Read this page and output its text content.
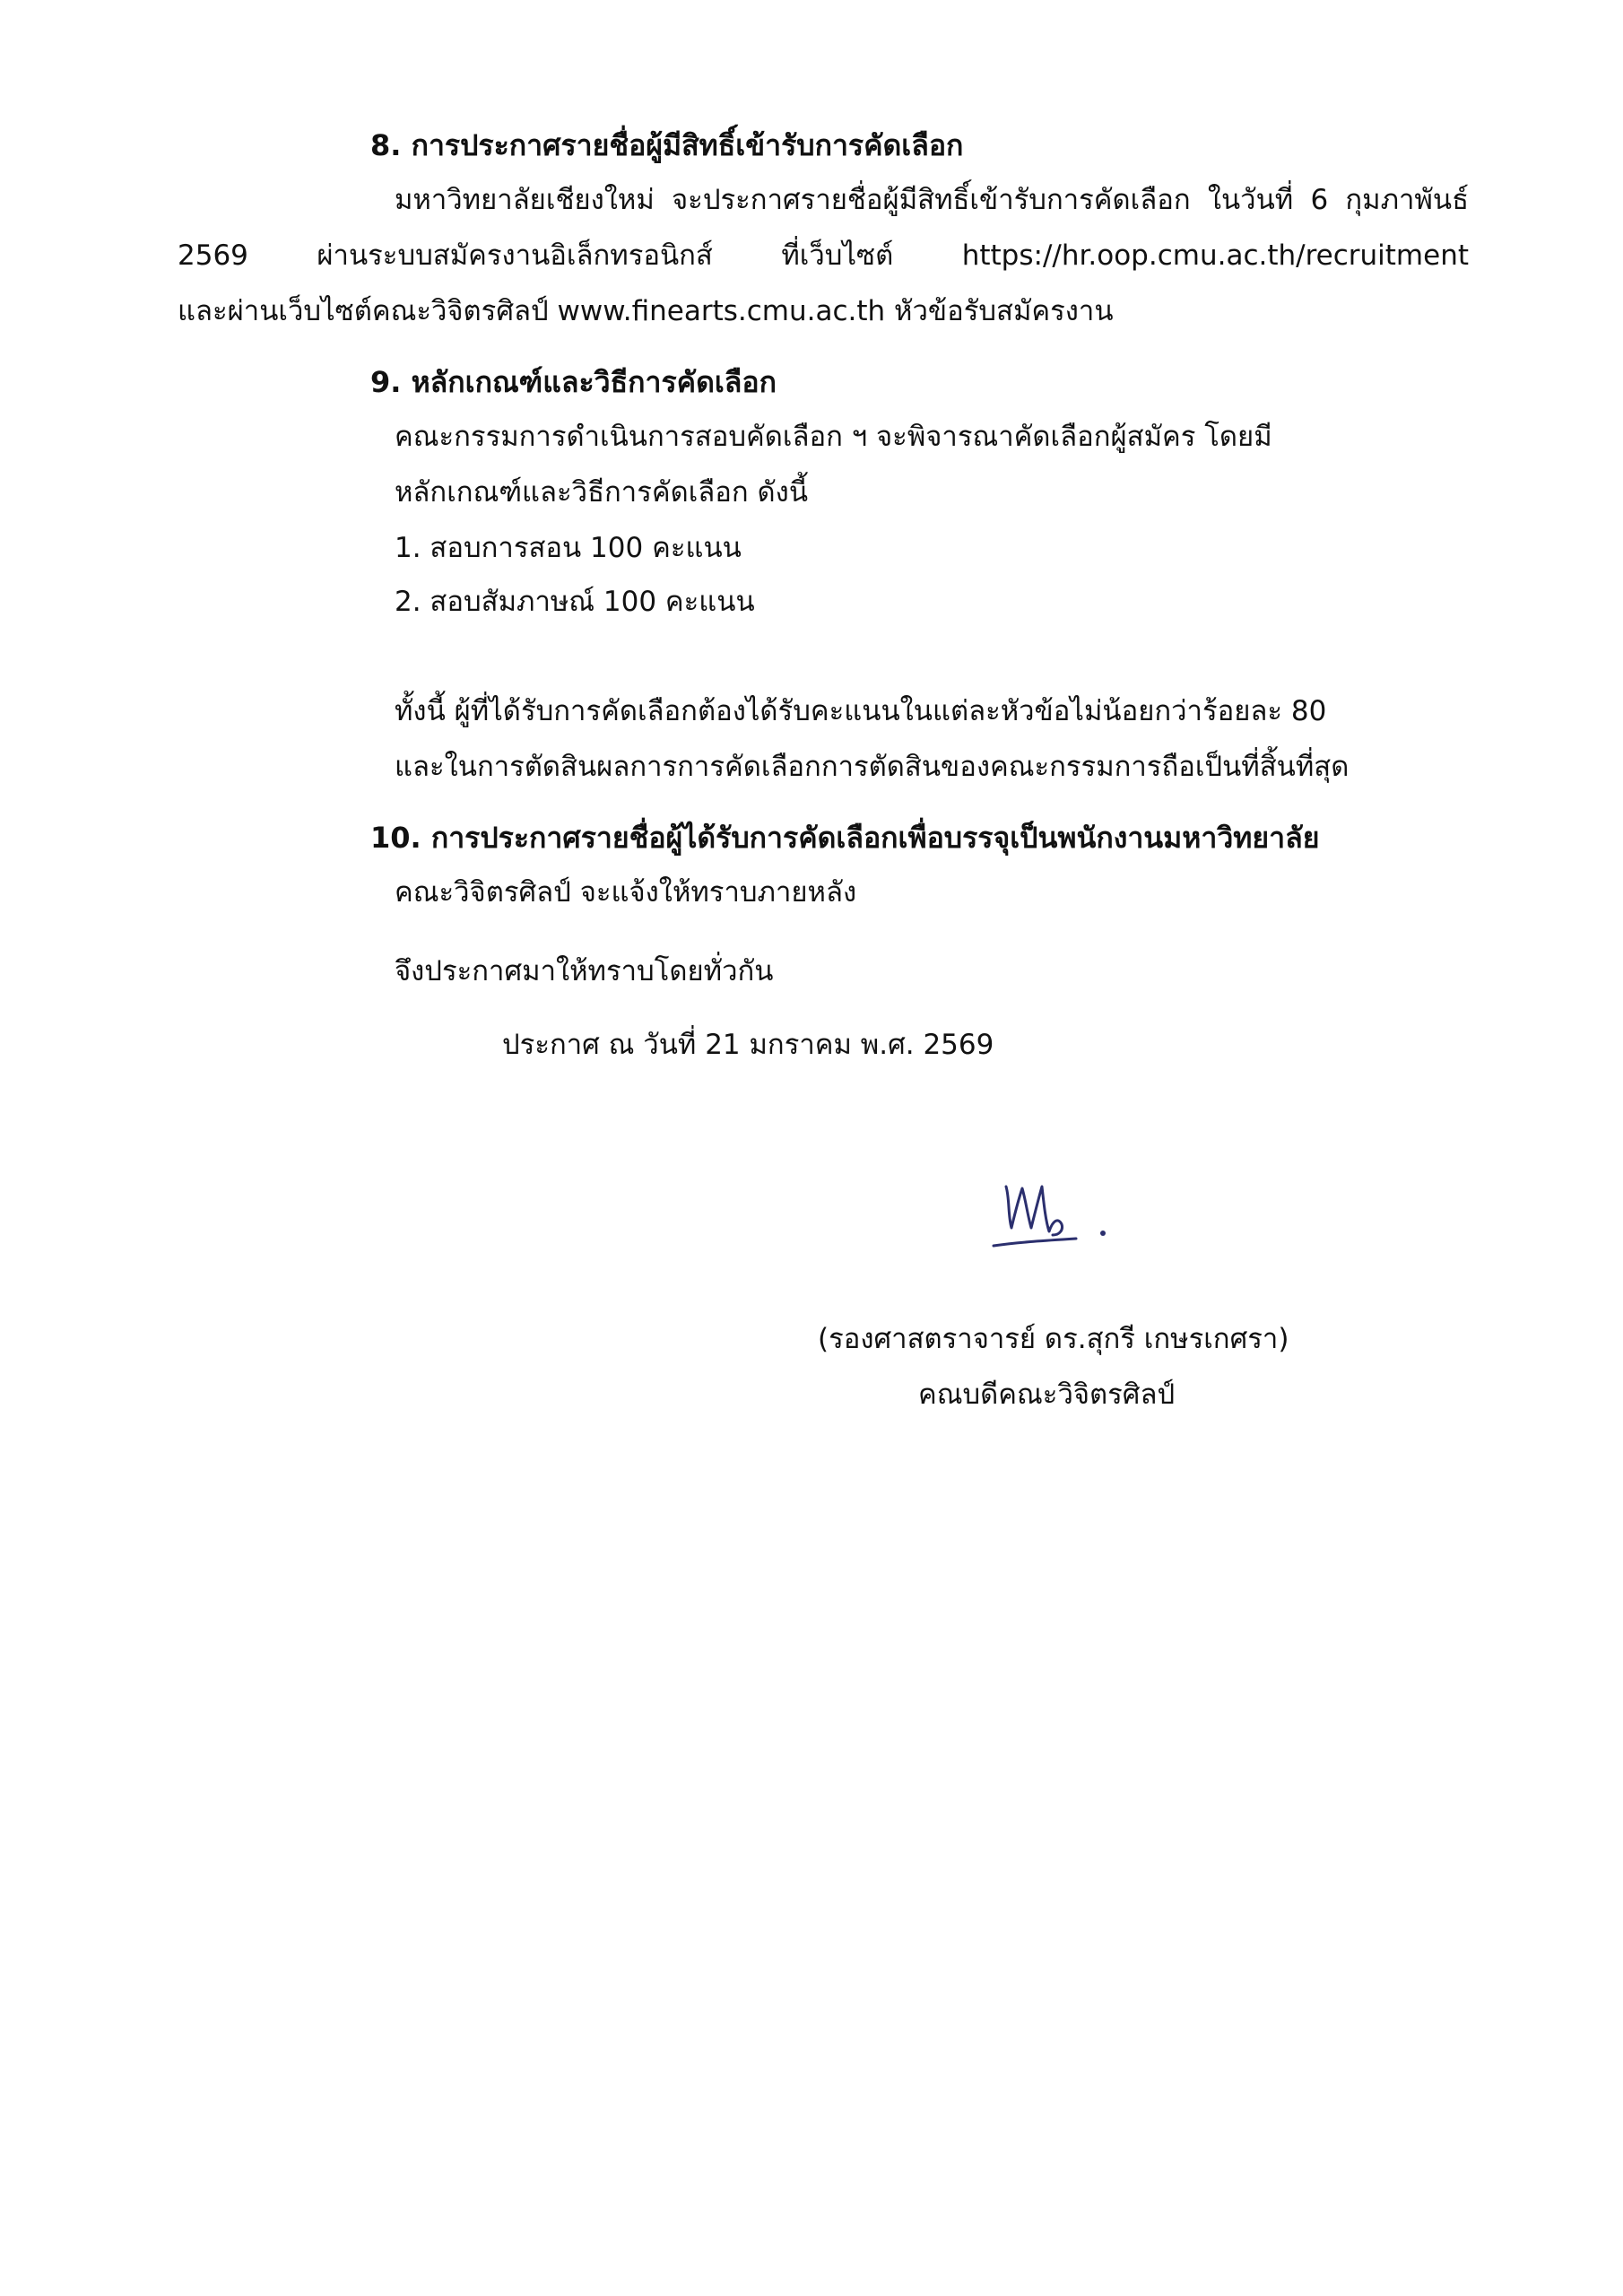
8. การประกาศรายชื่อผู้มีสิทธิ์เข้ารับการคัดเลือก
มหาวิทยาลัยเชียงใหม่ จะประกาศรายชื่อผู้มีสิทธิ์เข้ารับการคัดเลือก ในวันที่ 6 กุมภาพันธ์
2569 ผ่านระบบสมัครงานอิเล็กทรอนิกส์ ที่เว็บไซต์ https://hr.oop.cmu.ac.th/recruitment
และผ่านเว็บไซต์คณะวิจิตรศิลป์ www.finearts.cmu.ac.th หัวข้อรับสมัครงาน
9. หลักเกณฑ์และวิธีการคัดเลือก
คณะกรรมการดำเนินการสอบคัดเลือก ฯ จะพิจารณาคัดเลือกผู้สมัคร โดยมี
หลักเกณฑ์และวิธีการคัดเลือก ดังนี้
1. สอบการสอน 100 คะแนน
2. สอบสัมภาษณ์ 100 คะแนน
ทั้งนี้ ผู้ที่ได้รับการคัดเลือกต้องได้รับคะแนนในแต่ละหัวข้อไม่น้อยกว่าร้อยละ 80
และในการตัดสินผลการการคัดเลือกการตัดสินของคณะกรรมการถือเป็นที่สิ้นที่สุด
10. การประกาศรายชื่อผู้ได้รับการคัดเลือกเพื่อบรรจุเป็นพนักงานมหาวิทยาลัย
คณะวิจิตรศิลป์ จะแจ้งให้ทราบภายหลัง
จึงประกาศมาให้ทราบโดยทั่วกัน
ประกาศ ณ วันที่ 21 มกราคม พ.ศ. 2569
(รองศาสตราจารย์ ดร.สุกรี เกษรเกศรา)
คณบดีคณะวิจิตรศิลป์
